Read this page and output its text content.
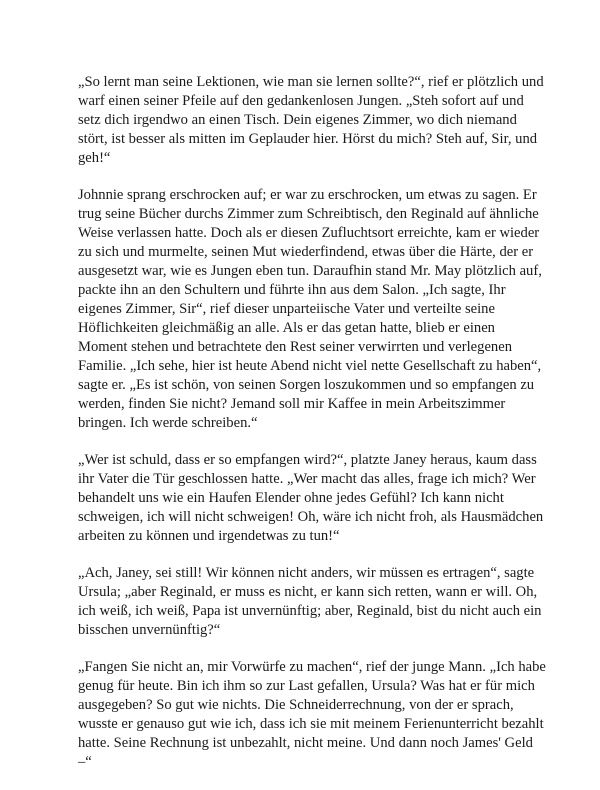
„So lernt man seine Lektionen, wie man sie lernen sollte?“, rief er plötzlich und warf einen seiner Pfeile auf den gedankenlosen Jungen. „Steh sofort auf und setz dich irgendwo an einen Tisch. Dein eigenes Zimmer, wo dich niemand stört, ist besser als mitten im Geplauder hier. Hörst du mich? Steh auf, Sir, und geh!“

Johnnie sprang erschrocken auf; er war zu erschrocken, um etwas zu sagen. Er trug seine Bücher durchs Zimmer zum Schreibtisch, den Reginald auf ähnliche Weise verlassen hatte. Doch als er diesen Zufluchtsort erreichte, kam er wieder zu sich und murmelte, seinen Mut wiederfindend, etwas über die Härte, der er ausgesetzt war, wie es Jungen eben tun. Daraufhin stand Mr. May plötzlich auf, packte ihn an den Schultern und führte ihn aus dem Salon. „Ich sagte, Ihr eigenes Zimmer, Sir“, rief dieser unparteiische Vater und verteilte seine Höflichkeiten gleichmäßig an alle. Als er das getan hatte, blieb er einen Moment stehen und betrachtete den Rest seiner verwirrten und verlegenen Familie. „Ich sehe, hier ist heute Abend nicht viel nette Gesellschaft zu haben“, sagte er. „Es ist schön, von seinen Sorgen loszukommen und so empfangen zu werden, finden Sie nicht? Jemand soll mir Kaffee in mein Arbeitszimmer bringen. Ich werde schreiben.“

„Wer ist schuld, dass er so empfangen wird?“, platzte Janey heraus, kaum dass ihr Vater die Tür geschlossen hatte. „Wer macht das alles, frage ich mich? Wer behandelt uns wie ein Haufen Elender ohne jedes Gefühl? Ich kann nicht schweigen, ich will nicht schweigen! Oh, wäre ich nicht froh, als Hausmädchen arbeiten zu können und irgendetwas zu tun!“

„Ach, Janey, sei still! Wir können nicht anders, wir müssen es ertragen“, sagte Ursula; „aber Reginald, er muss es nicht, er kann sich retten, wann er will. Oh, ich weiß, ich weiß, Papa ist unvernünftig; aber, Reginald, bist du nicht auch ein bisschen unvernünftig?“

„Fangen Sie nicht an, mir Vorwürfe zu machen“, rief der junge Mann. „Ich habe genug für heute. Bin ich ihm so zur Last gefallen, Ursula? Was hat er für mich ausgegeben? So gut wie nichts. Die Schneiderrechnung, von der er sprach, wusste er genauso gut wie ich, dass ich sie mit meinem Ferienunterricht bezahlt hatte. Seine Rechnung ist unbezahlt, nicht meine. Und dann noch James' Geld –“
